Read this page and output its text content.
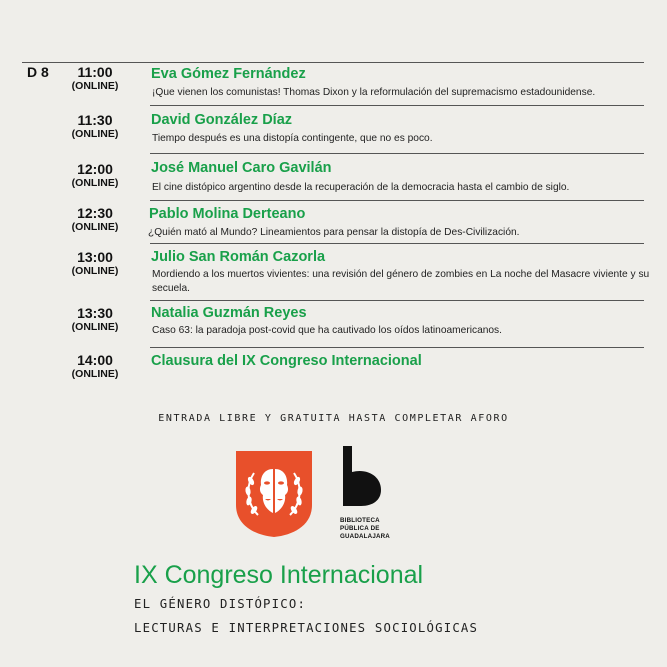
D 8	11:00
(ONLINE)
Eva Gómez Fernández
¡Que vienen los comunistas! Thomas Dixon y la reformulación del supremacismo estadounidense.
11:30
(ONLINE)
David González Díaz
Tiempo después es una distopía contingente, que no es poco.
12:00
(ONLINE)
José Manuel Caro Gavilán
El cine distópico argentino desde la recuperación de la democracia hasta el cambio de siglo.
12:30
(ONLINE)
Pablo Molina Derteano
¿Quién mató al Mundo? Lineamientos para pensar la distopía de Des-Civilización.
13:00
(ONLINE)
Julio San Román Cazorla
Mordiendo a los muertos vivientes: una revisión del género de zombies en La noche del Masacre viviente y su secuela.
13:30
(ONLINE)
Natalia Guzmán Reyes
Caso 63: la paradoja post-covid que ha cautivado los oídos latinoamericanos.
14:00
(ONLINE)
Clausura del IX Congreso Internacional
ENTRADA LIBRE Y GRATUITA HASTA COMPLETAR AFORO
BIBLIOTECA
PÚBLICA DE
GUADALAJARA
IX Congreso Internacional
EL GÉNERO DISTÓPICO:
LECTURAS E INTERPRETACIONES SOCIOLÓGICAS
